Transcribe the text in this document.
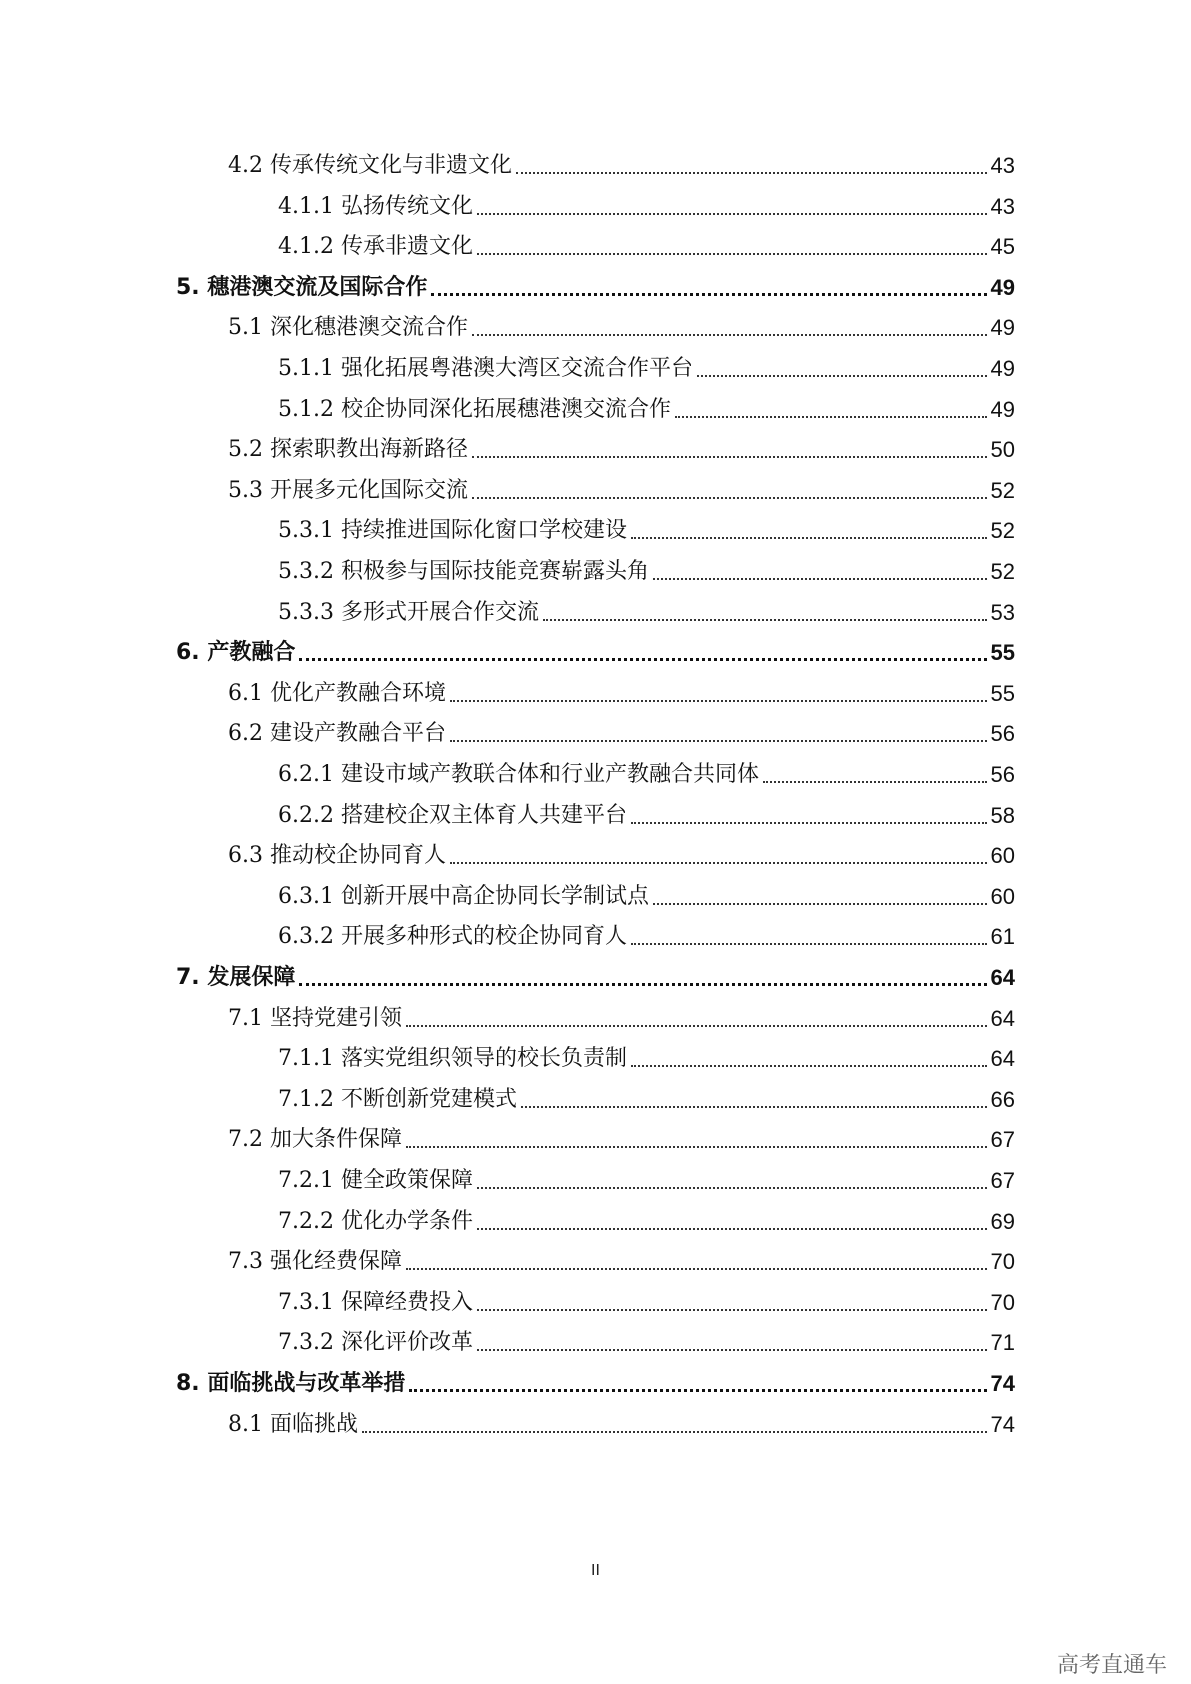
4.2 传承传统文化与非遗文化	43
4.1.1 弘扬传统文化	43
4.1.2 传承非遗文化	45
5. 穗港澳交流及国际合作	49
5.1 深化穗港澳交流合作	49
5.1.1 强化拓展粤港澳大湾区交流合作平台	49
5.1.2 校企协同深化拓展穗港澳交流合作	49
5.2 探索职教出海新路径	50
5.3 开展多元化国际交流	52
5.3.1 持续推进国际化窗口学校建设	52
5.3.2 积极参与国际技能竞赛崭露头角	52
5.3.3 多形式开展合作交流	53
6. 产教融合	55
6.1 优化产教融合环境	55
6.2 建设产教融合平台	56
6.2.1 建设市域产教联合体和行业产教融合共同体	56
6.2.2 搭建校企双主体育人共建平台	58
6.3 推动校企协同育人	60
6.3.1 创新开展中高企协同长学制试点	60
6.3.2 开展多种形式的校企协同育人	61
7. 发展保障	64
7.1 坚持党建引领	64
7.1.1 落实党组织领导的校长负责制	64
7.1.2 不断创新党建模式	66
7.2 加大条件保障	67
7.2.1 健全政策保障	67
7.2.2 优化办学条件	69
7.3 强化经费保障	70
7.3.1 保障经费投入	70
7.3.2 深化评价改革	71
8. 面临挑战与改革举措	74
8.1 面临挑战	74
II
高考直通车
